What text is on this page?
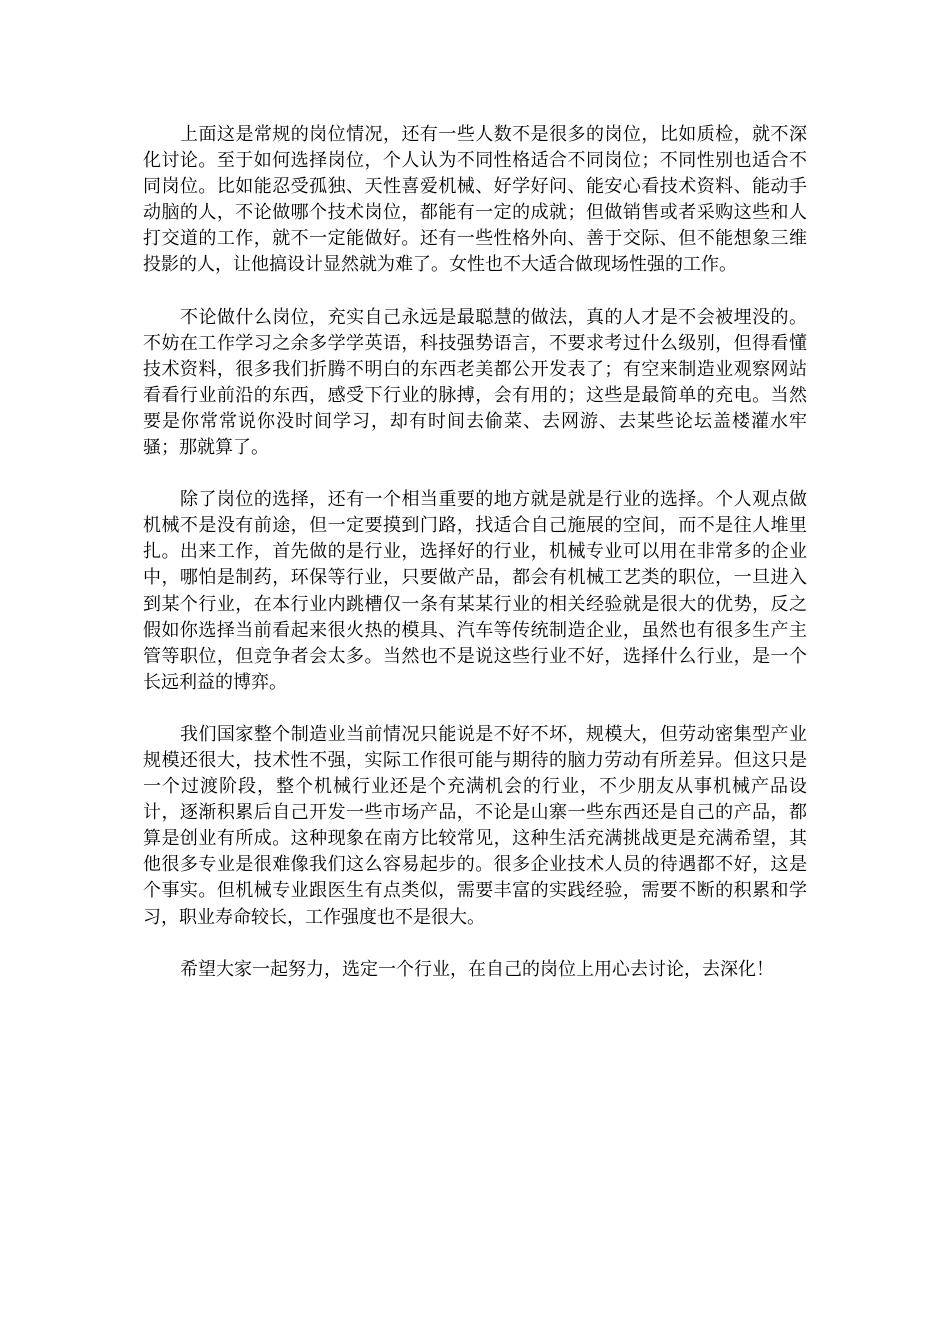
上面这是常规的岗位情况，还有一些人数不是很多的岗位，比如质检，就不深化讨论。至于如何选择岗位，个人认为不同性格适合不同岗位；不同性别也适合不同岗位。比如能忍受孤独、天性喜爱机械、好学好问、能安心看技术资料、能动手动脑的人，不论做哪个技术岗位，都能有一定的成就；但做销售或者采购这些和人打交道的工作，就不一定能做好。还有一些性格外向、善于交际、但不能想象三维投影的人，让他搞设计显然就为难了。女性也不大适合做现场性强的工作。

不论做什么岗位，充实自己永远是最聪慧的做法，真的人才是不会被埋没的。不妨在工作学习之余多学学英语，科技强势语言，不要求考过什么级别，但得看懂技术资料，很多我们折腾不明白的东西老美都公开发表了；有空来制造业观察网站看看行业前沿的东西，感受下行业的脉搏，会有用的；这些是最简单的充电。当然要是你常常说你没时间学习，却有时间去偷菜、去网游、去某些论坛盖楼灌水牢骚；那就算了。

除了岗位的选择，还有一个相当重要的地方就是就是行业的选择。个人观点做机械不是没有前途，但一定要摸到门路，找适合自己施展的空间，而不是往人堆里扎。出来工作，首先做的是行业，选择好的行业，机械专业可以用在非常多的企业中，哪怕是制药，环保等行业，只要做产品，都会有机械工艺类的职位，一旦进入到某个行业，在本行业内跳槽仅一条有某某行业的相关经验就是很大的优势，反之假如你选择当前看起来很火热的模具、汽车等传统制造企业，虽然也有很多生产主管等职位，但竞争者会太多。当然也不是说这些行业不好，选择什么行业，是一个长远利益的博弈。

我们国家整个制造业当前情况只能说是不好不坏，规模大，但劳动密集型产业规模还很大，技术性不强，实际工作很可能与期待的脑力劳动有所差异。但这只是一个过渡阶段，整个机械行业还是个充满机会的行业，不少朋友从事机械产品设计，逐渐积累后自己开发一些市场产品，不论是山寨一些东西还是自己的产品，都算是创业有所成。这种现象在南方比较常见，这种生活充满挑战更是充满希望，其他很多专业是很难像我们这么容易起步的。很多企业技术人员的待遇都不好，这是个事实。但机械专业跟医生有点类似，需要丰富的实践经验，需要不断的积累和学习，职业寿命较长，工作强度也不是很大。

希望大家一起努力，选定一个行业，在自己的岗位上用心去讨论，去深化！
